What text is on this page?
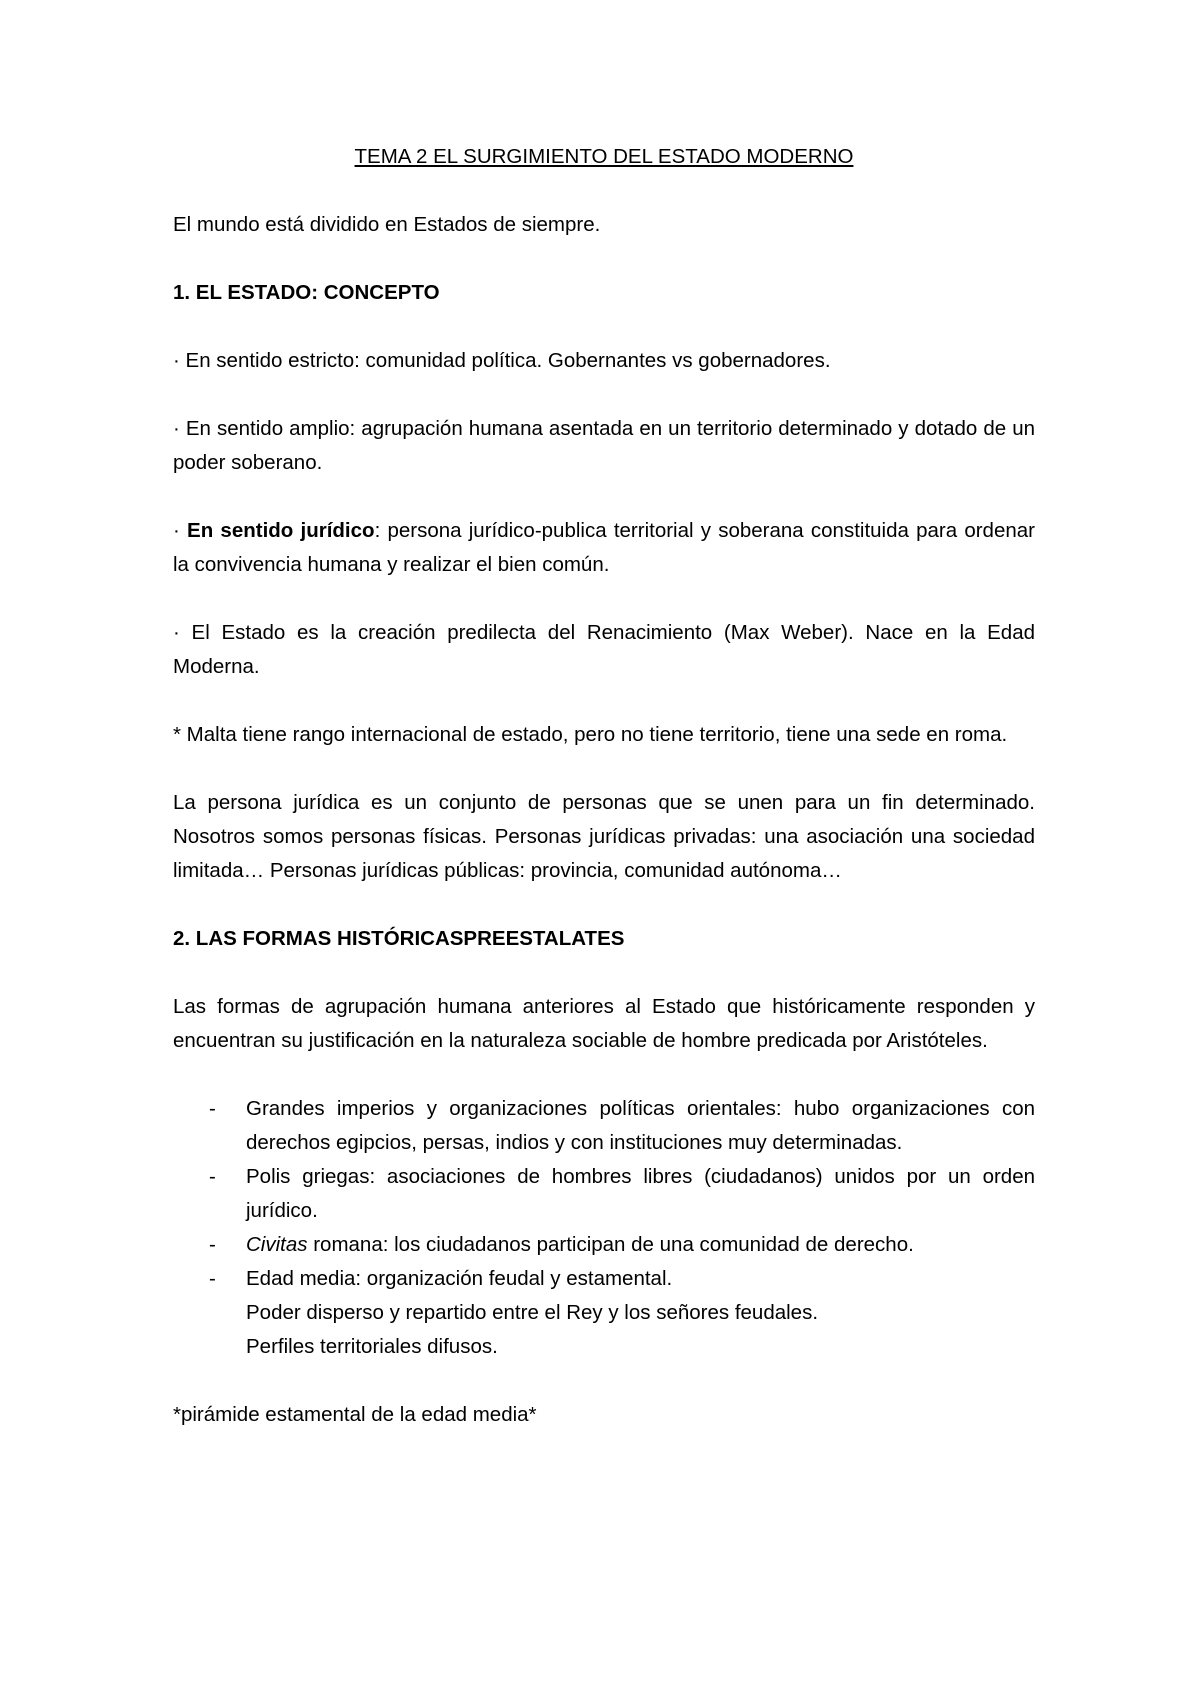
TEMA 2 EL SURGIMIENTO DEL ESTADO MODERNO

El mundo está dividido en Estados de siempre.

1. EL ESTADO: CONCEPTO

· En sentido estricto: comunidad política. Gobernantes vs gobernadores.

· En sentido amplio: agrupación humana asentada en un territorio determinado y dotado de un poder soberano.

· En sentido jurídico: persona jurídico-publica territorial y soberana constituida para ordenar la convivencia humana y realizar el bien común.

· El Estado es la creación predilecta del Renacimiento (Max Weber). Nace en la Edad Moderna.

* Malta tiene rango internacional de estado, pero no tiene territorio, tiene una sede en roma.

La persona jurídica es un conjunto de personas que se unen para un fin determinado. Nosotros somos personas físicas. Personas jurídicas privadas: una asociación una sociedad limitada… Personas jurídicas públicas: provincia, comunidad autónoma…

2. LAS FORMAS HISTÓRICASPREESTALATES

Las formas de agrupación humana anteriores al Estado que históricamente responden y encuentran su justificación en la naturaleza sociable de hombre predicada por Aristóteles.

- Grandes imperios y organizaciones políticas orientales: hubo organizaciones con derechos egipcios, persas, indios y con instituciones muy determinadas.
- Polis griegas: asociaciones de hombres libres (ciudadanos) unidos por un orden jurídico.
- Civitas romana: los ciudadanos participan de una comunidad de derecho.
- Edad media: organización feudal y estamental.
Poder disperso y repartido entre el Rey y los señores feudales.
Perfiles territoriales difusos.

*pirámide estamental de la edad media*
